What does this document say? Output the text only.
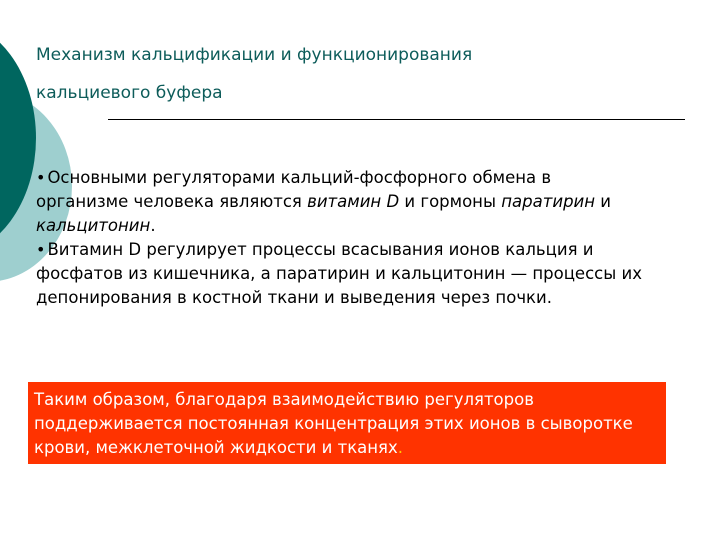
Механизм кальцификации и функционирования
кальциевого буфера
• Основными регуляторами кальций-фосфорного обмена в организме человека являются витамин D и гормоны паратирин и кальцитонин.
• Витамин D регулирует процессы всасывания ионов кальция и фосфатов из кишечника, а паратирин и кальцитонин — процессы их депонирования в костной ткани и выведения через почки.
Таким образом, благодаря взаимодействию регуляторов поддерживается постоянная концентрация этих ионов в сыворотке крови, межклеточной жидкости и тканях.
